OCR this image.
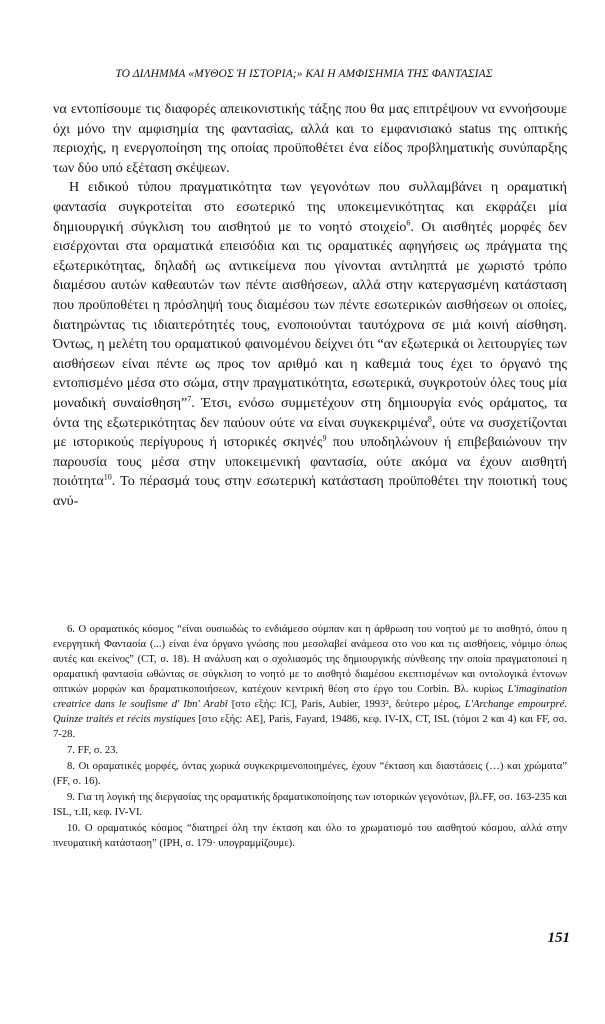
ΤΟ ΔΙΛΗΜΜΑ «ΜΥΘΟΣ Ή ΙΣΤΟΡΙΑ;» ΚΑΙ Η ΑΜΦΙΣΗΜΙΑ ΤΗΣ ΦΑΝΤΑΣΙΑΣ

να εντοπίσουμε τις διαφορές απεικονιστικής τάξης που θα μας επιτρέψουν να εννοήσουμε όχι μόνο την αμφισημία της φαντασίας, αλλά και το εμφανισιακό status της οπτικής περιοχής, η ενεργοποίηση της οποίας προϋποθέτει ένα είδος προβληματικής συνύπαρξης των δύο υπό εξέταση σκέψεων.

Η ειδικού τύπου πραγματικότητα των γεγονότων που συλλαμβάνει η οραματική φαντασία συγκροτείται στο εσωτερικό της υποκειμενικότητας και εκφράζει μία δημιουργική σύγκλιση του αισθητού με το νοητό στοιχείο$^6$. Οι αισθητές μορφές δεν εισέρχονται στα οραματικά επεισόδια και τις οραματικές αφηγήσεις ως πράγματα της εξωτερικότητας, δηλαδή ως αντικείμενα που γίνονται αντιληπτά με χωριστό τρόπο διαμέσου αυτών καθεαυτών των πέντε αισθήσεων, αλλά στην κατεργασμένη κατάσταση που προϋποθέτει η πρόσληψή τους διαμέσου των πέντε εσωτερικών αισθήσεων οι οποίες, διατηρώντας τις ιδιαιτερότητές τους, ενοποιούνται ταυτόχρονα σε μιά κοινή αίσθηση. Όντως, η μελέτη του οραματικού φαινομένου δείχνει ότι “αν εξωτερικά οι λειτουργίες των αισθήσεων είναι πέντε ως προς τον αριθμό και η καθεμιά τους έχει το όργανό της εντοπισμένο μέσα στο σώμα, στην πραγματικότητα, εσωτερικά, συγκροτούν όλες τους μία μοναδική συναίσθηση”$^7$. Έτσι, ενόσω συμμετέχουν στη δημιουργία ενός οράματος, τα όντα της εξωτερικότητας δεν παύουν ούτε να είναι συγκεκριμένα$^8$, ούτε να συσχετίζονται με ιστορικούς περίγυρους ή ιστορικές σκηνές$^9$ που υποδηλώνουν ή επιβεβαιώνουν την παρουσία τους μέσα στην υποκειμενική φαντασία, ούτε ακόμα να έχουν αισθητή ποιότητα$^{10}$. Το πέρασμά τους στην εσωτερική κατάσταση προϋποθέτει την ποιοτική τους ανύ-

6. Ο οραματικός κόσμος “είναι ουσιωδώς το ενδιάμεσο σύμπαν και η άρθρωση του νοητού με το αισθητό, όπου η ενεργητική Φαντασία (...) είναι ένα όργανο γνώσης που μεσολαβεί ανάμεσα στο νου και τις αισθήσεις, νόμιμο όπως αυτές και εκείνος” (CT, σ. 18). Η ανάλυση και ο σχολιασμός της δημιουργικής σύνθεσης την οποία πραγματοποιεί η οραματική φαντασία ωθώντας σε σύγκλιση το νοητό με το αισθητό διαμέσου εκεπτισμένων και οντολογικά έντονων οπτικών μορφών και δραματικοποιήσεων, κατέχουν κεντρική θέση στο έργο του Corbin. Βλ. κυρίως L'imagination creatrice dans le soufisme d' Ibn' Arabî [στο εξής: IC], Paris, Aubier, 1993², δεύτερο μέρος, L'Archange empourpré. Quinze traités et récits mystiques [στο εξής: AE], Paris, Fayard, 19486, κεφ. IV-IX, CT, ISL (τόμοι 2 και 4) και FF, σσ. 7-28.

7. FF, σ. 23.

8. Οι οραματικές μορφές, όντας χωρικά συγκεκριμενοποιημένες, έχουν “έκταση και διαστάσεις (…) και χρώματα” (FF, σ. 16).

9. Για τη λογική της διεργασίας της οραματικής δραματικοποίησης των ιστορικών γεγονότων, βλ.FF, σσ. 163-235 και ISL, τ.II, κεφ. IV-VI.

10. Ο οραματικός κόσμος “διατηρεί όλη την έκταση και όλο το χρωματισμό του αισθητού κόσμου, αλλά στην πνευματική κατάσταση” (IPH, σ. 179· υπογραμμίζουμε).

151
